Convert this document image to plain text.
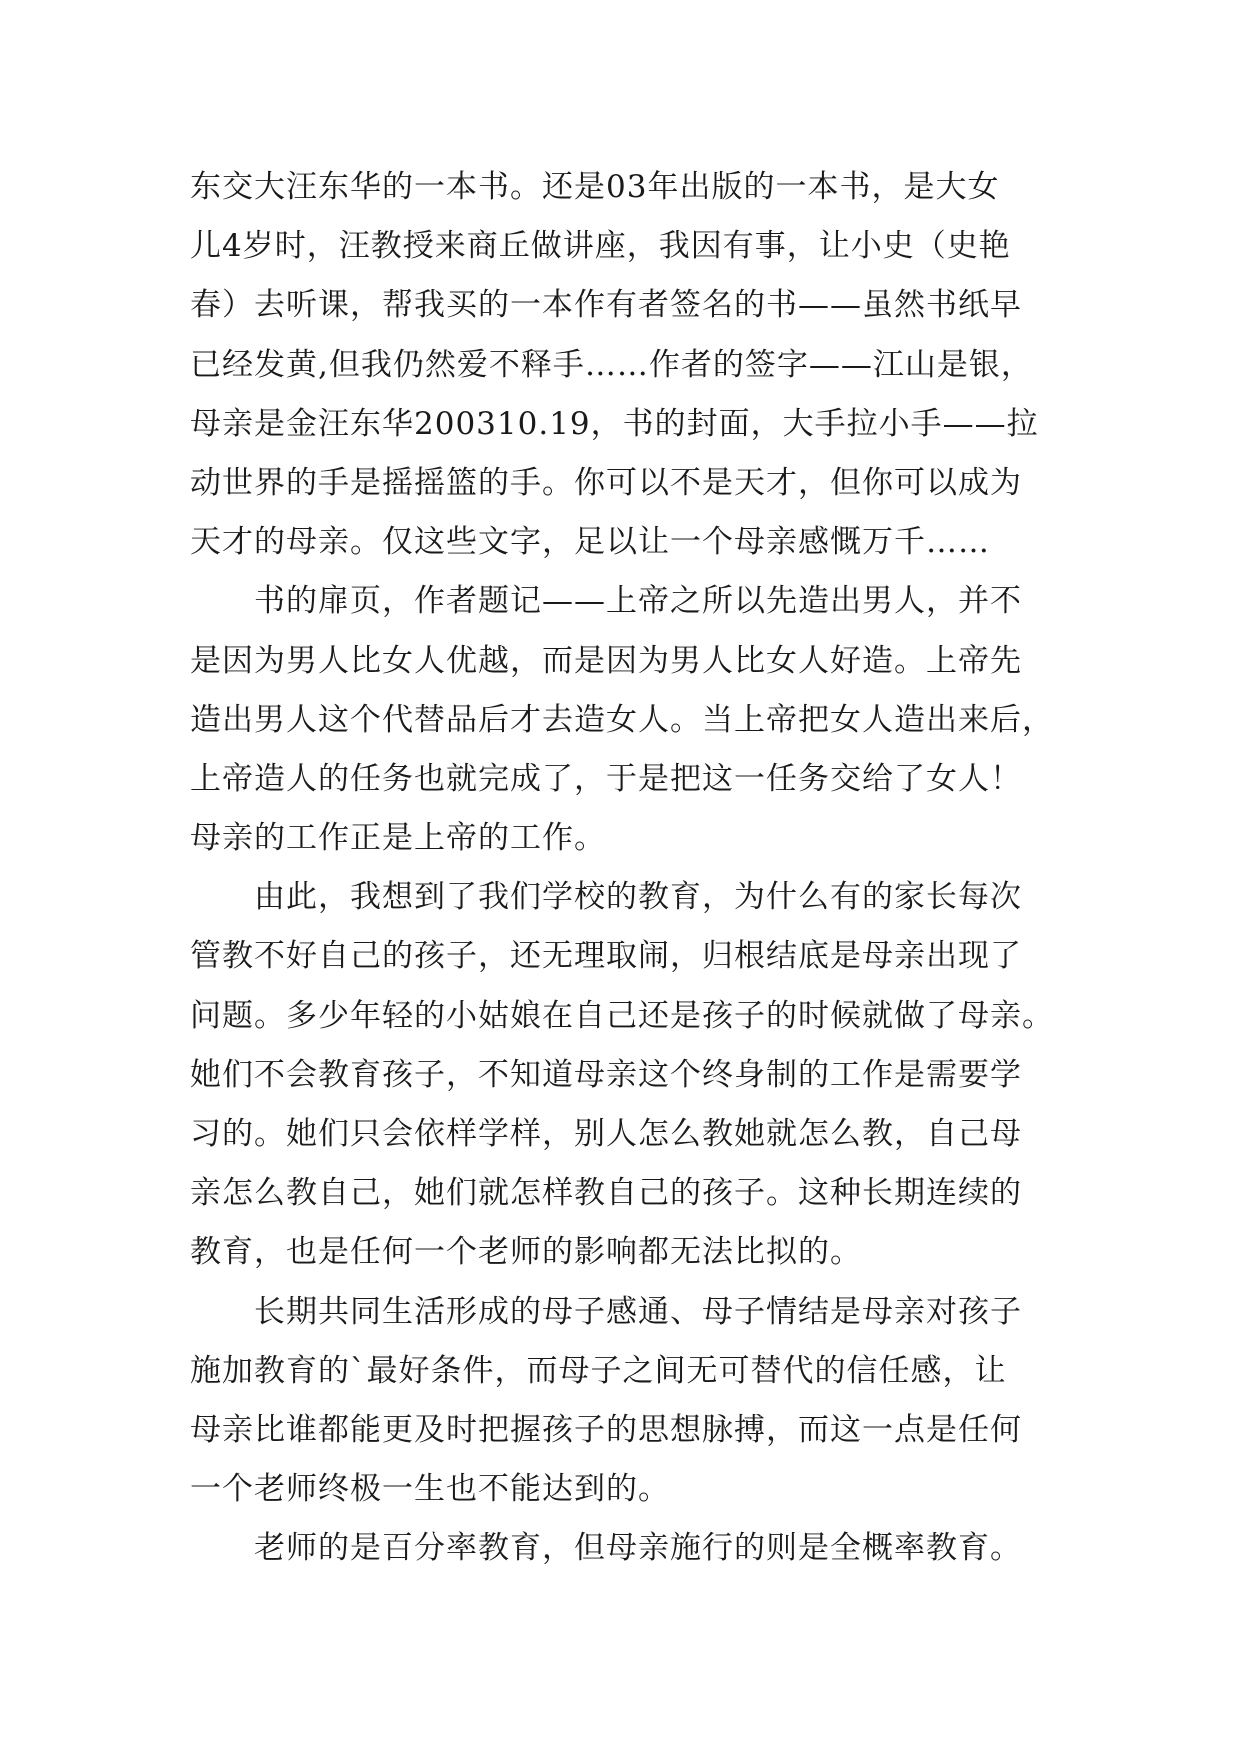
东交大汪东华的一本书。还是03年出版的一本书，是大女
儿4岁时，汪教授来商丘做讲座，我因有事，让小史（史艳
春）去听课，帮我买的一本作有者签名的书——虽然书纸早
已经发黄,但我仍然爱不释手……作者的签字——江山是银，
母亲是金汪东华200310.19，书的封面，大手拉小手——拉
动世界的手是摇摇篮的手。你可以不是天才，但你可以成为
天才的母亲。仅这些文字，足以让一个母亲感慨万千……
书的扉页，作者题记——上帝之所以先造出男人，并不
是因为男人比女人优越，而是因为男人比女人好造。上帝先
造出男人这个代替品后才去造女人。当上帝把女人造出来后，
上帝造人的任务也就完成了，于是把这一任务交给了女人！
母亲的工作正是上帝的工作。
由此，我想到了我们学校的教育，为什么有的家长每次
管教不好自己的孩子，还无理取闹，归根结底是母亲出现了
问题。多少年轻的小姑娘在自己还是孩子的时候就做了母亲。
她们不会教育孩子，不知道母亲这个终身制的工作是需要学
习的。她们只会依样学样，别人怎么教她就怎么教，自己母
亲怎么教自己，她们就怎样教自己的孩子。这种长期连续的
教育，也是任何一个老师的影响都无法比拟的。
长期共同生活形成的母子感通、母子情结是母亲对孩子
施加教育的`最好条件，而母子之间无可替代的信任感，让
母亲比谁都能更及时把握孩子的思想脉搏，而这一点是任何
一个老师终极一生也不能达到的。
老师的是百分率教育，但母亲施行的则是全概率教育。
